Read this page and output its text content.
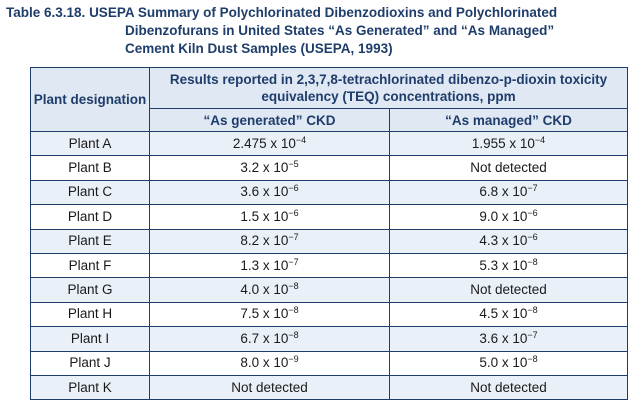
Table 6.3.18. USEPA Summary of Polychlorinated Dibenzodioxins and Polychlorinated
Dibenzofurans in United States “As Generated” and “As Managed”
Cement Kiln Dust Samples (USEPA, 1993)
Plant designation	Results reported in 2,3,7,8-tetrachlorinated dibenzo-p-dioxin toxicity equivalency (TEQ) concentrations, ppm	
	“As generated” CKD	“As managed” CKD
Plant A	2.475 x $10^{-4}$	1.955 x $10^{-4}$
Plant B	3.2 x $10^{-5}$	Not detected
Plant C	3.6 x $10^{-6}$	6.8 x $10^{-7}$
Plant D	1.5 x $10^{-6}$	9.0 x $10^{-6}$
Plant E	8.2 x $10^{-7}$	4.3 x $10^{-6}$
Plant F	1.3 x $10^{-7}$	5.3 x $10^{-8}$
Plant G	4.0 x $10^{-8}$	Not detected
Plant H	7.5 x $10^{-8}$	4.5 x $10^{-8}$
Plant I	6.7 x $10^{-8}$	3.6 x $10^{-7}$
Plant J	8.0 x $10^{-9}$	5.0 x $10^{-8}$
Plant K	Not detected	Not detected
